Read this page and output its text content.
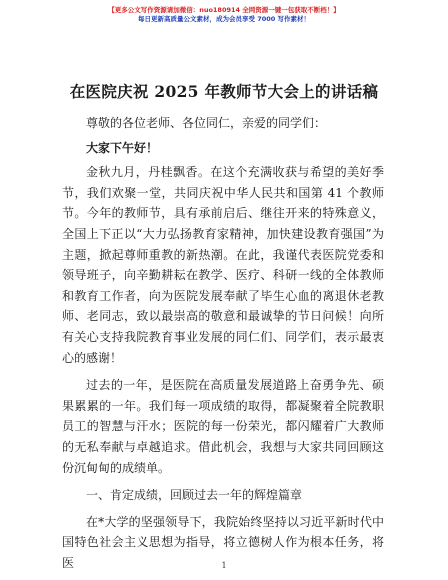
【更多公文写作资源请加微信：nuo180914 全网资源一键一包获取不断档！】
每日更新高质量公文素材，成为会员享受 7000 写作素材！
在医院庆祝 2025 年教师节大会上的讲话稿

尊敬的各位老师、各位同仁，亲爱的同学们：

大家下午好！

金秋九月，丹桂飘香。在这个充满收获与希望的美好季节，我们欢聚一堂，共同庆祝中华人民共和国第 41 个教师节。今年的教师节，具有承前启后、继往开来的特殊意义，全国上下正以“大力弘扬教育家精神，加快建设教育强国”为主题，掀起尊师重教的新热潮。在此，我谨代表医院党委和领导班子，向辛勤耕耘在教学、医疗、科研一线的全体教师和教育工作者，向为医院发展奉献了毕生心血的离退休老教师、老同志，致以最崇高的敬意和最诚挚的节日问候！向所有关心支持我院教育事业发展的同仁们、同学们，表示最衷心的感谢！

过去的一年，是医院在高质量发展道路上奋勇争先、硕果累累的一年。我们每一项成绩的取得，都凝聚着全院教职员工的智慧与汗水；医院的每一份荣光，都闪耀着广大教师的无私奉献与卓越追求。借此机会，我想与大家共同回顾这份沉甸甸的成绩单。

一、肯定成绩，回顾过去一年的辉煌篇章

在*大学的坚强领导下，我院始终坚持以习近平新时代中国特色社会主义思想为指导，将立德树人作为根本任务，将医	1
